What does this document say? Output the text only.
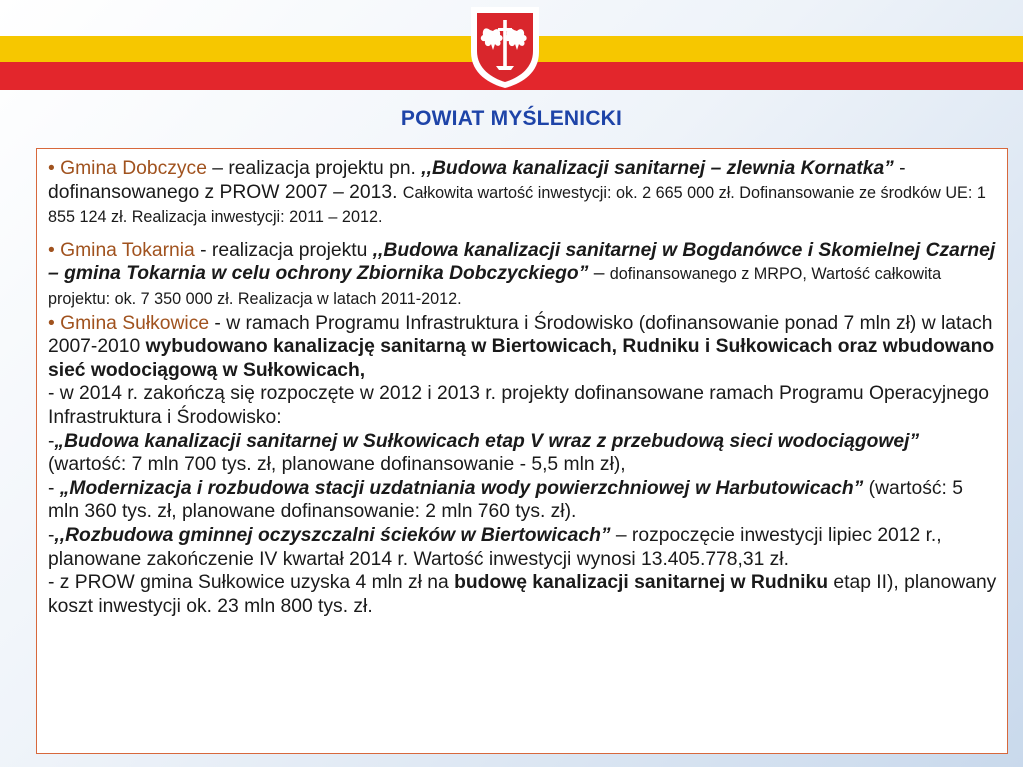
POWIAT MYŚLENICKI

• Gmina Dobczyce – realizacja projektu pn. ,,Budowa kanalizacji sanitarnej – zlewnia Kornatka” - dofinansowanego z PROW 2007 – 2013. Całkowita wartość inwestycji: ok. 2 665 000 zł. Dofinansowanie ze środków UE: 1 855 124 zł. Realizacja inwestycji: 2011 – 2012.

• Gmina Tokarnia - realizacja projektu ,,Budowa kanalizacji sanitarnej w Bogdanówce i Skomielnej Czarnej – gmina Tokarnia w celu ochrony Zbiornika Dobczyckiego” – dofinansowanego z MRPO, Wartość całkowita projektu: ok. 7 350 000 zł. Realizacja w latach 2011-2012.

• Gmina Sułkowice - w ramach Programu Infrastruktura i Środowisko (dofinansowanie ponad 7 mln zł) w latach 2007-2010 wybudowano kanalizację sanitarną w Biertowicach, Rudniku i Sułkowicach oraz wbudowano sieć wodociągową w Sułkowicach,

- w 2014 r. zakończą się rozpoczęte w 2012 i 2013 r. projekty dofinansowane ramach Programu Operacyjnego Infrastruktura i Środowisko:

-„Budowa kanalizacji sanitarnej w Sułkowicach etap V wraz z przebudową sieci wodociągowej” (wartość: 7 mln 700 tys. zł, planowane dofinansowanie - 5,5 mln zł),

- „Modernizacja i rozbudowa stacji uzdatniania wody powierzchniowej w Harbutowicach” (wartość: 5 mln 360 tys. zł, planowane dofinansowanie: 2 mln 760 tys. zł).

-,,Rozbudowa gminnej oczyszczalni ścieków w Biertowicach” – rozpoczęcie inwestycji lipiec 2012 r., planowane zakończenie IV kwartał 2014 r. Wartość inwestycji wynosi 13.405.778,31 zł.

- z PROW gmina Sułkowice uzyska 4 mln zł na budowę kanalizacji sanitarnej w Rudniku etap II), planowany koszt inwestycji ok. 23 mln 800 tys. zł.
